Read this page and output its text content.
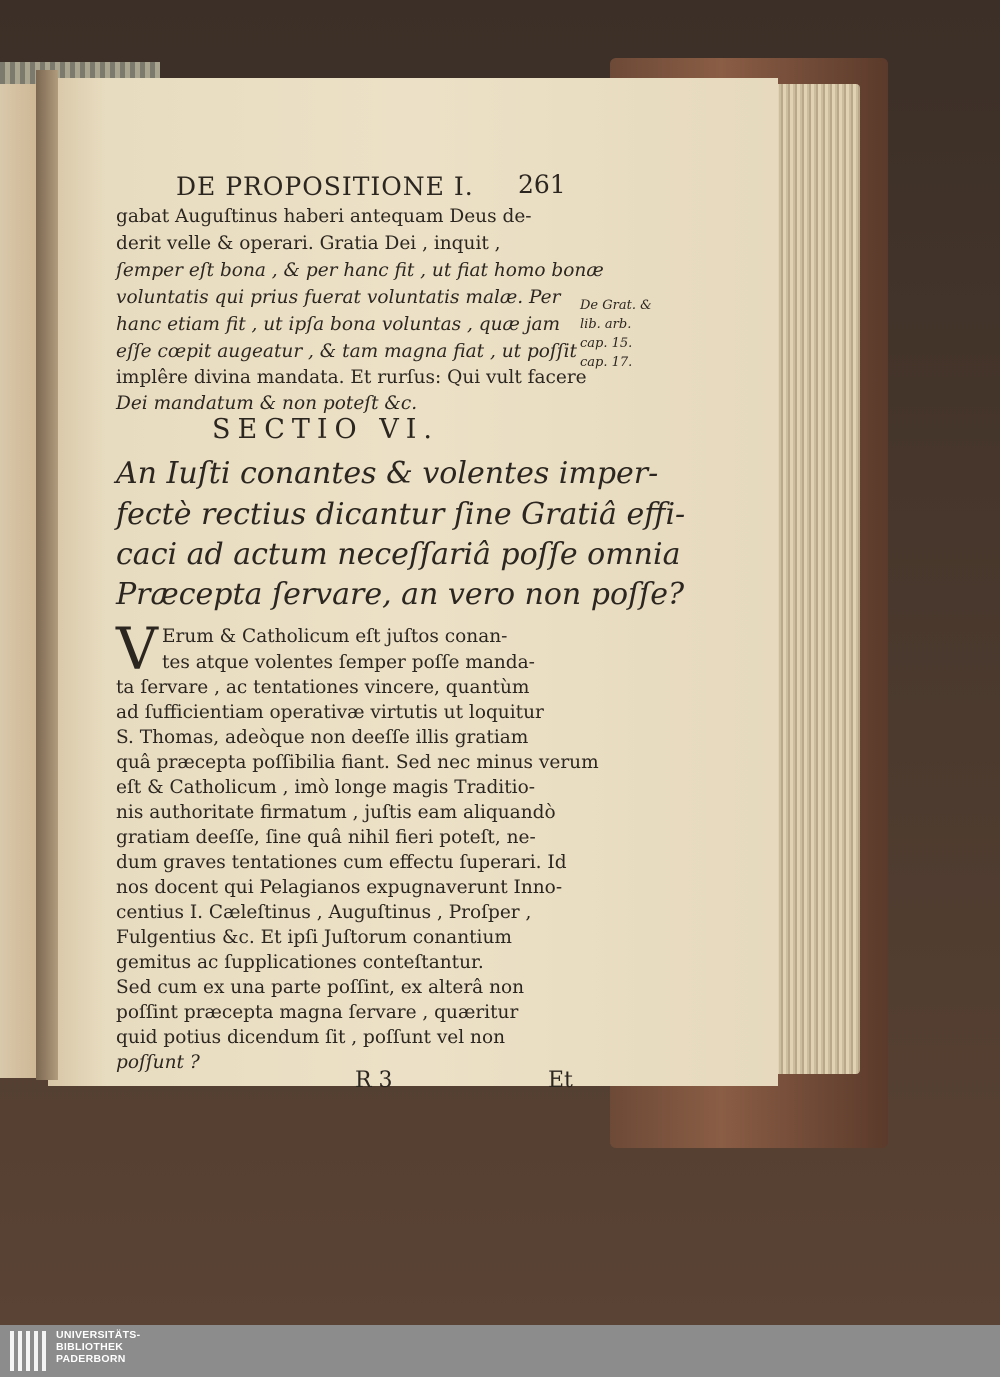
DE PROPOSITIONE I. 261
gabat Auguſtinus haberi antequam Deus de-
derit velle & operari. Gratia Dei , inquit ,
ſemper eſt bona , & per hanc fit , ut fiat homo bonæ
voluntatis qui prius fuerat voluntatis malæ. Per
hanc etiam fit , ut ipſa bona voluntas , quæ jam
eſſe cœpit augeatur , & tam magna fiat , ut poſſit
implêre divina mandata. Et rurſus: Qui vult facere
Dei mandatum & non poteſt &c.
De Grat. &
lib. arb.
cap. 15.
cap. 17.
SECTIO VI.
An Iuſti conantes & volentes imper-
fectè rectius dicantur ſine Gratiâ effi-
caci ad actum neceſſariâ poſſe omnia
Præcepta ſervare, an vero non poſſe?
V Erum & Catholicum eſt juſtos conan-
tes atque volentes ſemper poſſe manda-
ta ſervare , ac tentationes vincere, quantùm
ad ſufficientiam operativæ virtutis ut loquitur
S. Thomas, adeòque non deeſſe illis gratiam
quâ præcepta poſſibilia fiant. Sed nec minus verum
eſt & Catholicum , imò longe magis Traditio-
nis authoritate firmatum , juſtis eam aliquandò
gratiam deeſſe, ſine quâ nihil fieri poteſt, ne-
dum graves tentationes cum effectu ſuperari. Id
nos docent qui Pelagianos expugnaverunt Inno-
centius I. Cæleſtinus , Auguſtinus , Proſper ,
Fulgentius &c. Et ipſi Juſtorum conantium
gemitus ac ſupplicationes conteſtantur.
Sed cum ex una parte poſſint, ex alterâ non
poſſint præcepta magna ſervare , quæritur
quid potius dicendum ſit , poſſunt vel non
poſſunt ?
R 3	Et
UNIVERSITÄTS-
BIBLIOTHEK
PADERBORN
